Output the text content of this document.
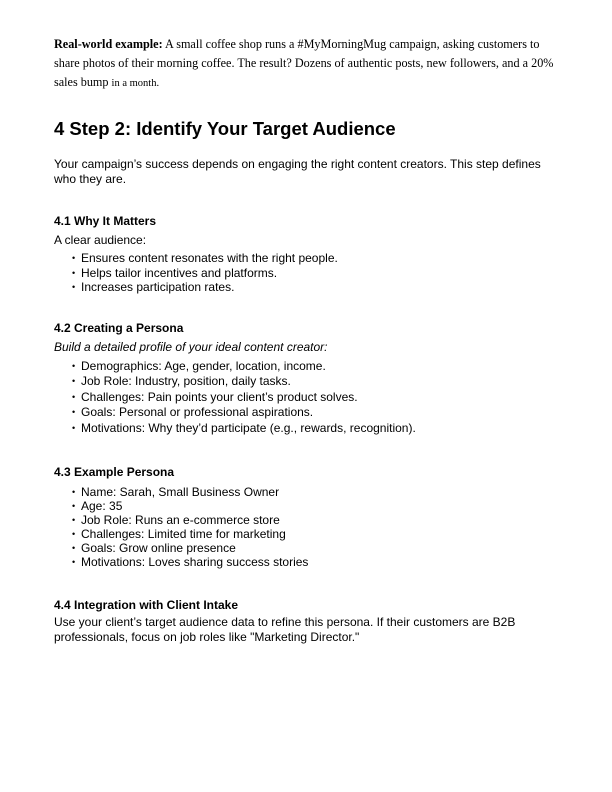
Real-world example: A small coffee shop runs a #MyMorningMug campaign, asking customers to share photos of their morning coffee. The result? Dozens of authentic posts, new followers, and a 20% sales bump in a month.

4 Step 2: Identify Your Target Audience

Your campaign’s success depends on engaging the right content creators. This step defines who they are.

4.1 Why It Matters

A clear audience:

• Ensures content resonates with the right people.
• Helps tailor incentives and platforms.
• Increases participation rates.
4.2 Creating a Persona

Build a detailed profile of your ideal content creator:

• Demographics: Age, gender, location, income.
• Job Role: Industry, position, daily tasks.
• Challenges: Pain points your client’s product solves.
• Goals: Personal or professional aspirations.
• Motivations: Why they’d participate (e.g., rewards, recognition).
4.3 Example Persona
• Name: Sarah, Small Business Owner
• Age: 35
• Job Role: Runs an e-commerce store
• Challenges: Limited time for marketing
• Goals: Grow online presence
• Motivations: Loves sharing success stories
4.4 Integration with Client Intake

Use your client’s target audience data to refine this persona. If their customers are B2B professionals, focus on job roles like "Marketing Director."
